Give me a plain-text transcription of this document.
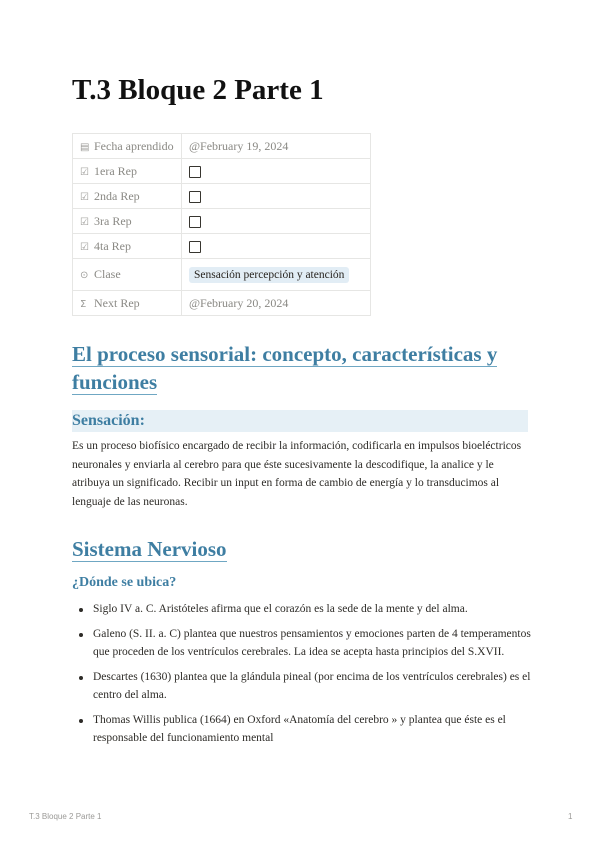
T.3 Bloque 2 Parte 1
▤ Fecha aprendido	@February 19, 2024
☑ 1era Rep	
☑ 2nda Rep	
☑ 3ra Rep	
☑ 4ta Rep	
⊙ Clase	Sensación percepción y atención
Σ Next Rep	@February 20, 2024
El proceso sensorial: concepto, características y funciones
Sensación:

Es un proceso biofísico encargado de recibir la información, codificarla en impulsos bioeléctricos neuronales y enviarla al cerebro para que éste sucesivamente la descodifique, la analice y le atribuya un significado. Recibir un input en forma de cambio de energía y lo transducimos al lenguaje de las neuronas.

Sistema Nervioso
¿Dónde se ubica?
Siglo IV a. C. Aristóteles afirma que el corazón es la sede de la mente y del alma.
Galeno (S. II. a. C) plantea que nuestros pensamientos y emociones parten de 4 temperamentos que proceden de los ventrículos cerebrales. La idea se acepta hasta principios del S.XVII.
Descartes (1630) plantea que la glándula pineal (por encima de los ventrículos cerebrales) es el centro del alma.
Thomas Willis publica (1664) en Oxford «Anatomía del cerebro » y plantea que éste es el responsable del funcionamiento mental
T.3 Bloque 2 Parte 1	1
